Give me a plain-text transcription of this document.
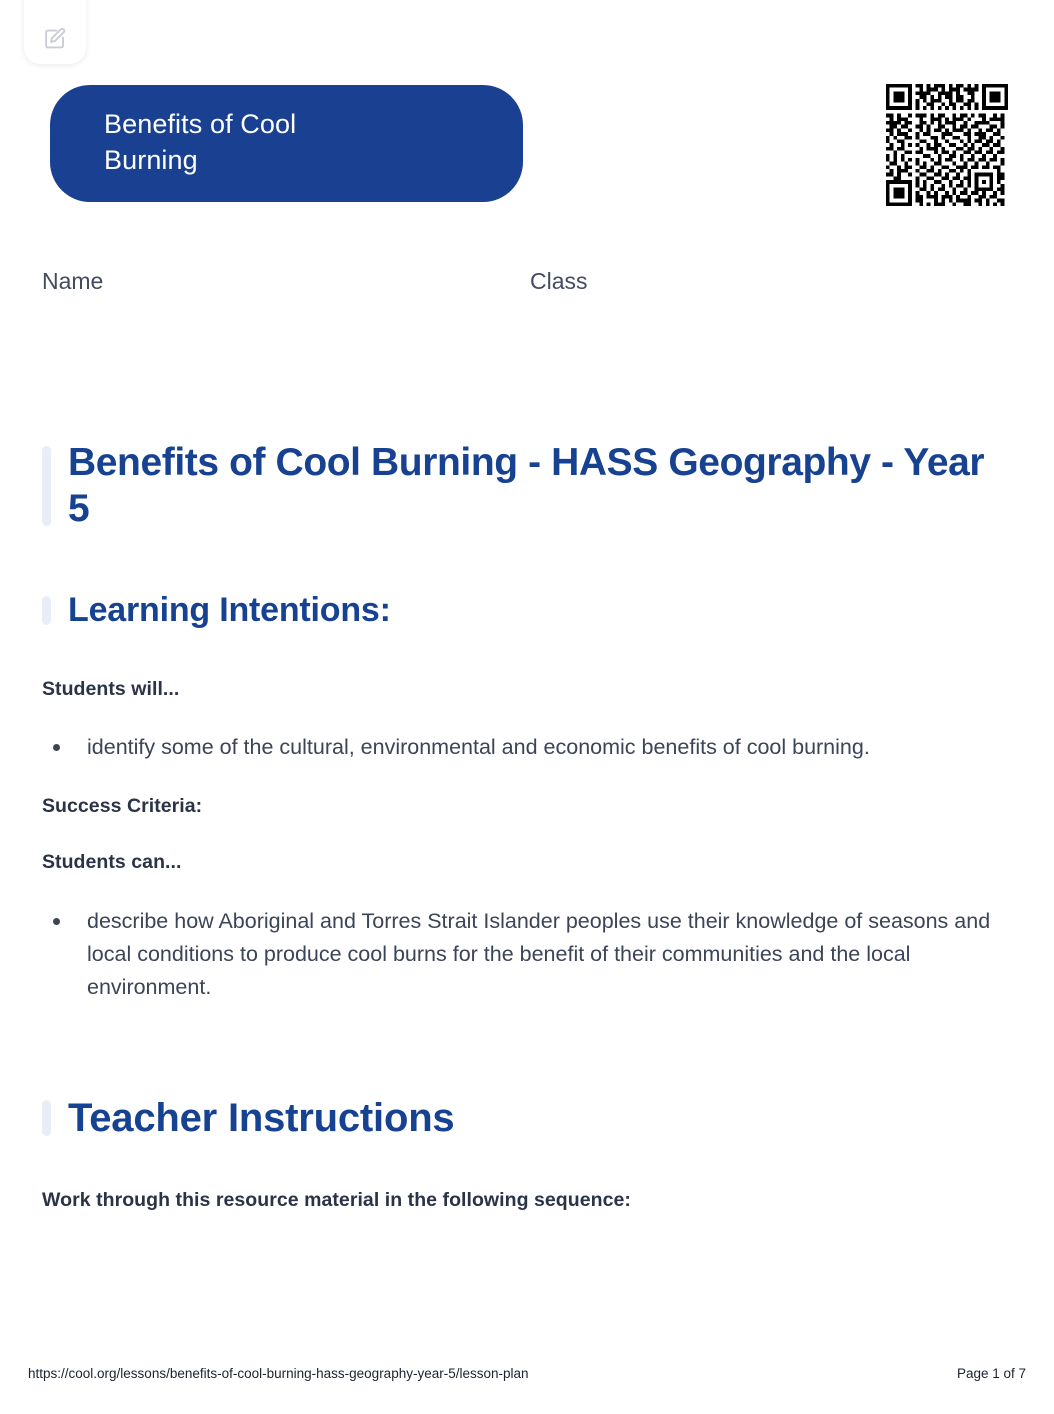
Benefits of Cool
Burning
Name	Class
Benefits of Cool Burning - HASS Geography - Year 5
Learning Intentions:

Students will...

identify some of the cultural, environmental and economic benefits of cool burning.

Success Criteria:

Students can...

describe how Aboriginal and Torres Strait Islander peoples use their knowledge of seasons and local conditions to produce cool burns for the benefit of their communities and the local environment.
Teacher Instructions

Work through this resource material in the following sequence:

https://cool.org/lessons/benefits-of-cool-burning-hass-geography-year-5/lesson-plan	Page 1 of 7
